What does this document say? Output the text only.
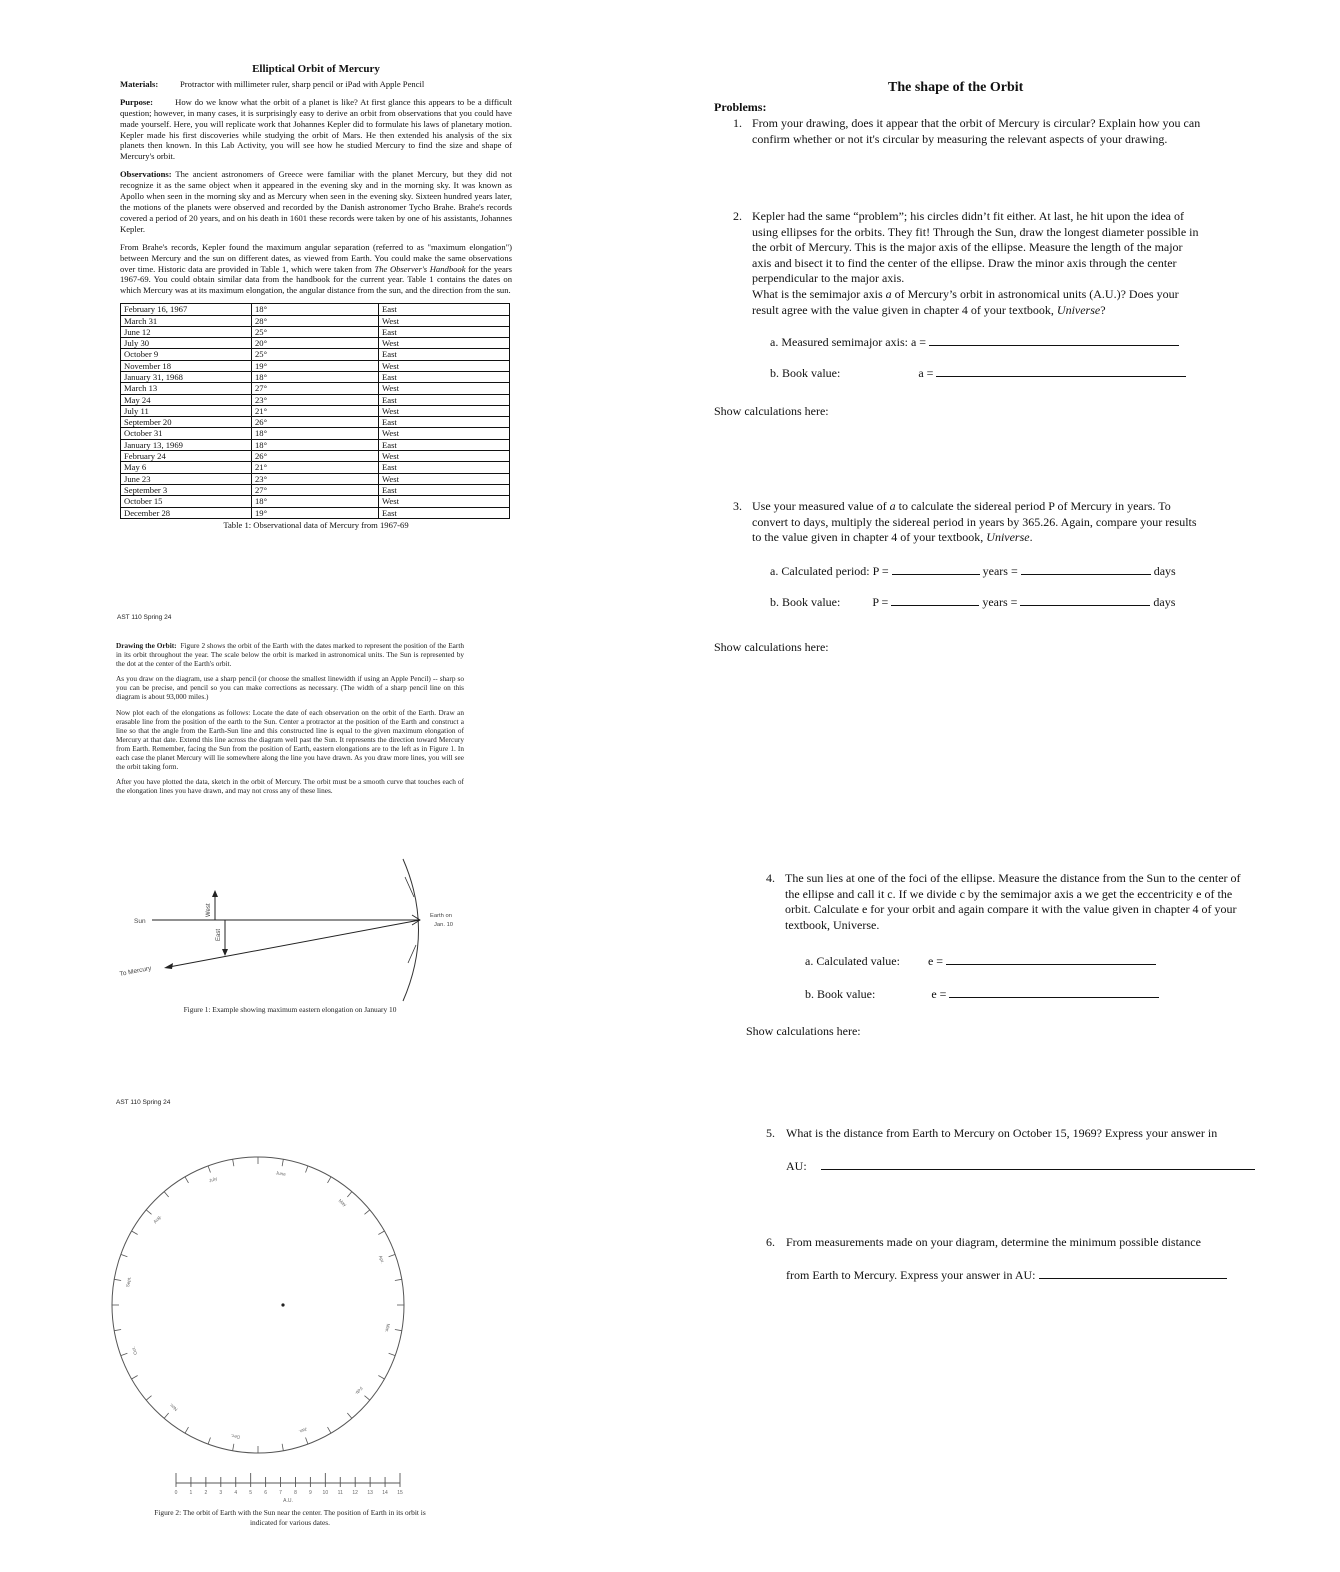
Elliptical Orbit of Mercury

Materials:	Protractor with millimeter ruler, sharp pencil or iPad with Apple Pencil

Purpose:	How do we know what the orbit of a planet is like? At first glance this appears to be a difficult question; however, in many cases, it is surprisingly easy to derive an orbit from observations that you could have made yourself. Here, you will replicate work that Johannes Kepler did to formulate his laws of planetary motion. Kepler made his first discoveries while studying the orbit of Mars. He then extended his analysis of the six planets then known. In this Lab Activity, you will see how he studied Mercury to find the size and shape of Mercury's orbit.

Observations: The ancient astronomers of Greece were familiar with the planet Mercury, but they did not recognize it as the same object when it appeared in the evening sky and in the morning sky. It was known as Apollo when seen in the morning sky and as Mercury when seen in the evening sky. Sixteen hundred years later, the motions of the planets were observed and recorded by the Danish astronomer Tycho Brahe. Brahe's records covered a period of 20 years, and on his death in 1601 these records were taken by one of his assistants, Johannes Kepler.

From Brahe's records, Kepler found the maximum angular separation (referred to as "maximum elongation") between Mercury and the sun on different dates, as viewed from Earth. You could make the same observations over time. Historic data are provided in Table 1, which were taken from The Observer's Handbook for the years 1967-69. You could obtain similar data from the handbook for the current year. Table 1 contains the dates on which Mercury was at its maximum elongation, the angular distance from the sun, and the direction from the sun.

February 16, 1967	18°	East
March 31	28°	West
June 12	25°	East
July 30	20°	West
October 9	25°	East
November 18	19°	West
January 31, 1968	18°	East
March 13	27°	West
May 24	23°	East
July 11	21°	West
September 20	26°	East
October 31	18°	West
January 13, 1969	18°	East
February 24	26°	West
May 6	21°	East
June 23	23°	West
September 3	27°	East
October 15	18°	West
December 28	19°	East

Table 1: Observational data of Mercury from 1967-69

AST 110 Spring 24

Drawing the Orbit: Figure 2 shows the orbit of the Earth with the dates marked to represent the position of the Earth in its orbit throughout the year. The scale below the orbit is marked in astronomical units. The Sun is represented by the dot at the center of the Earth's orbit.

As you draw on the diagram, use a sharp pencil (or choose the smallest linewidth if using an Apple Pencil) -- sharp so you can be precise, and pencil so you can make corrections as necessary. (The width of a sharp pencil line on this diagram is about 93,000 miles.)

Now plot each of the elongations as follows: Locate the date of each observation on the orbit of the Earth. Draw an erasable line from the position of the earth to the Sun. Center a protractor at the position of the Earth and construct a line so that the angle from the Earth-Sun line and this constructed line is equal to the given maximum elongation of Mercury at that date. Extend this line across the diagram well past the Sun. It represents the direction toward Mercury from Earth. Remember, facing the Sun from the position of Earth, eastern elongations are to the left as in Figure 1. In each case the planet Mercury will lie somewhere along the line you have drawn. As you draw more lines, you will see the orbit taking form.

After you have plotted the data, sketch in the orbit of Mercury. The orbit must be a smooth curve that touches each of the elongation lines you have drawn, and may not cross any of these lines.

Sun
West
East
Earth on
Jan. 10
To Mercury
Figure 1: Example showing maximum eastern elongation on January 10
AST 110 Spring 24
Jan.
Feb.
Mar.
Apr.
May
June
July
Aug.
Sept.
Oct.
Nov.
Dec.
0 1 2 3 4 5 6 7 8 9 10 11 12 13 14 15
A.U.
Figure 2: The orbit of Earth with the Sun near the center. The position of Earth in its orbit is
indicated for various dates.
The shape of the Orbit
Problems:
1. From your drawing, does it appear that the orbit of Mercury is circular? Explain how you can confirm whether or not it's circular by measuring the relevant aspects of your drawing.
2. Kepler had the same “problem”; his circles didn’t fit either. At last, he hit upon the idea of using ellipses for the orbits. They fit! Through the Sun, draw the longest diameter possible in the orbit of Mercury. This is the major axis of the ellipse. Measure the length of the major axis and bisect it to find the center of the ellipse. Draw the minor axis through the center perpendicular to the major axis.
What is the semimajor axis a of Mercury’s orbit in astronomical units (A.U.)? Does your result agree with the value given in chapter 4 of your textbook, Universe?
a. Measured semimajor axis: a =
b. Book value:	a =
Show calculations here:
3. Use your measured value of a to calculate the sidereal period P of Mercury in years. To convert to days, multiply the sidereal period in years by 365.26. Again, compare your results to the value given in chapter 4 of your textbook, Universe.
a. Calculated period: P =	years =	days
b. Book value:	P =	years =	days
Show calculations here:
4. The sun lies at one of the foci of the ellipse. Measure the distance from the Sun to the center of the ellipse and call it c. If we divide c by the semimajor axis a we get the eccentricity e of the orbit. Calculate e for your orbit and again compare it with the value given in chapter 4 of your textbook, Universe.
a. Calculated value: e =
b. Book value:	e =
Show calculations here:
5. What is the distance from Earth to Mercury on October 15, 1969? Express your answer in
AU:
6. From measurements made on your diagram, determine the minimum possible distance
from Earth to Mercury. Express your answer in AU:
